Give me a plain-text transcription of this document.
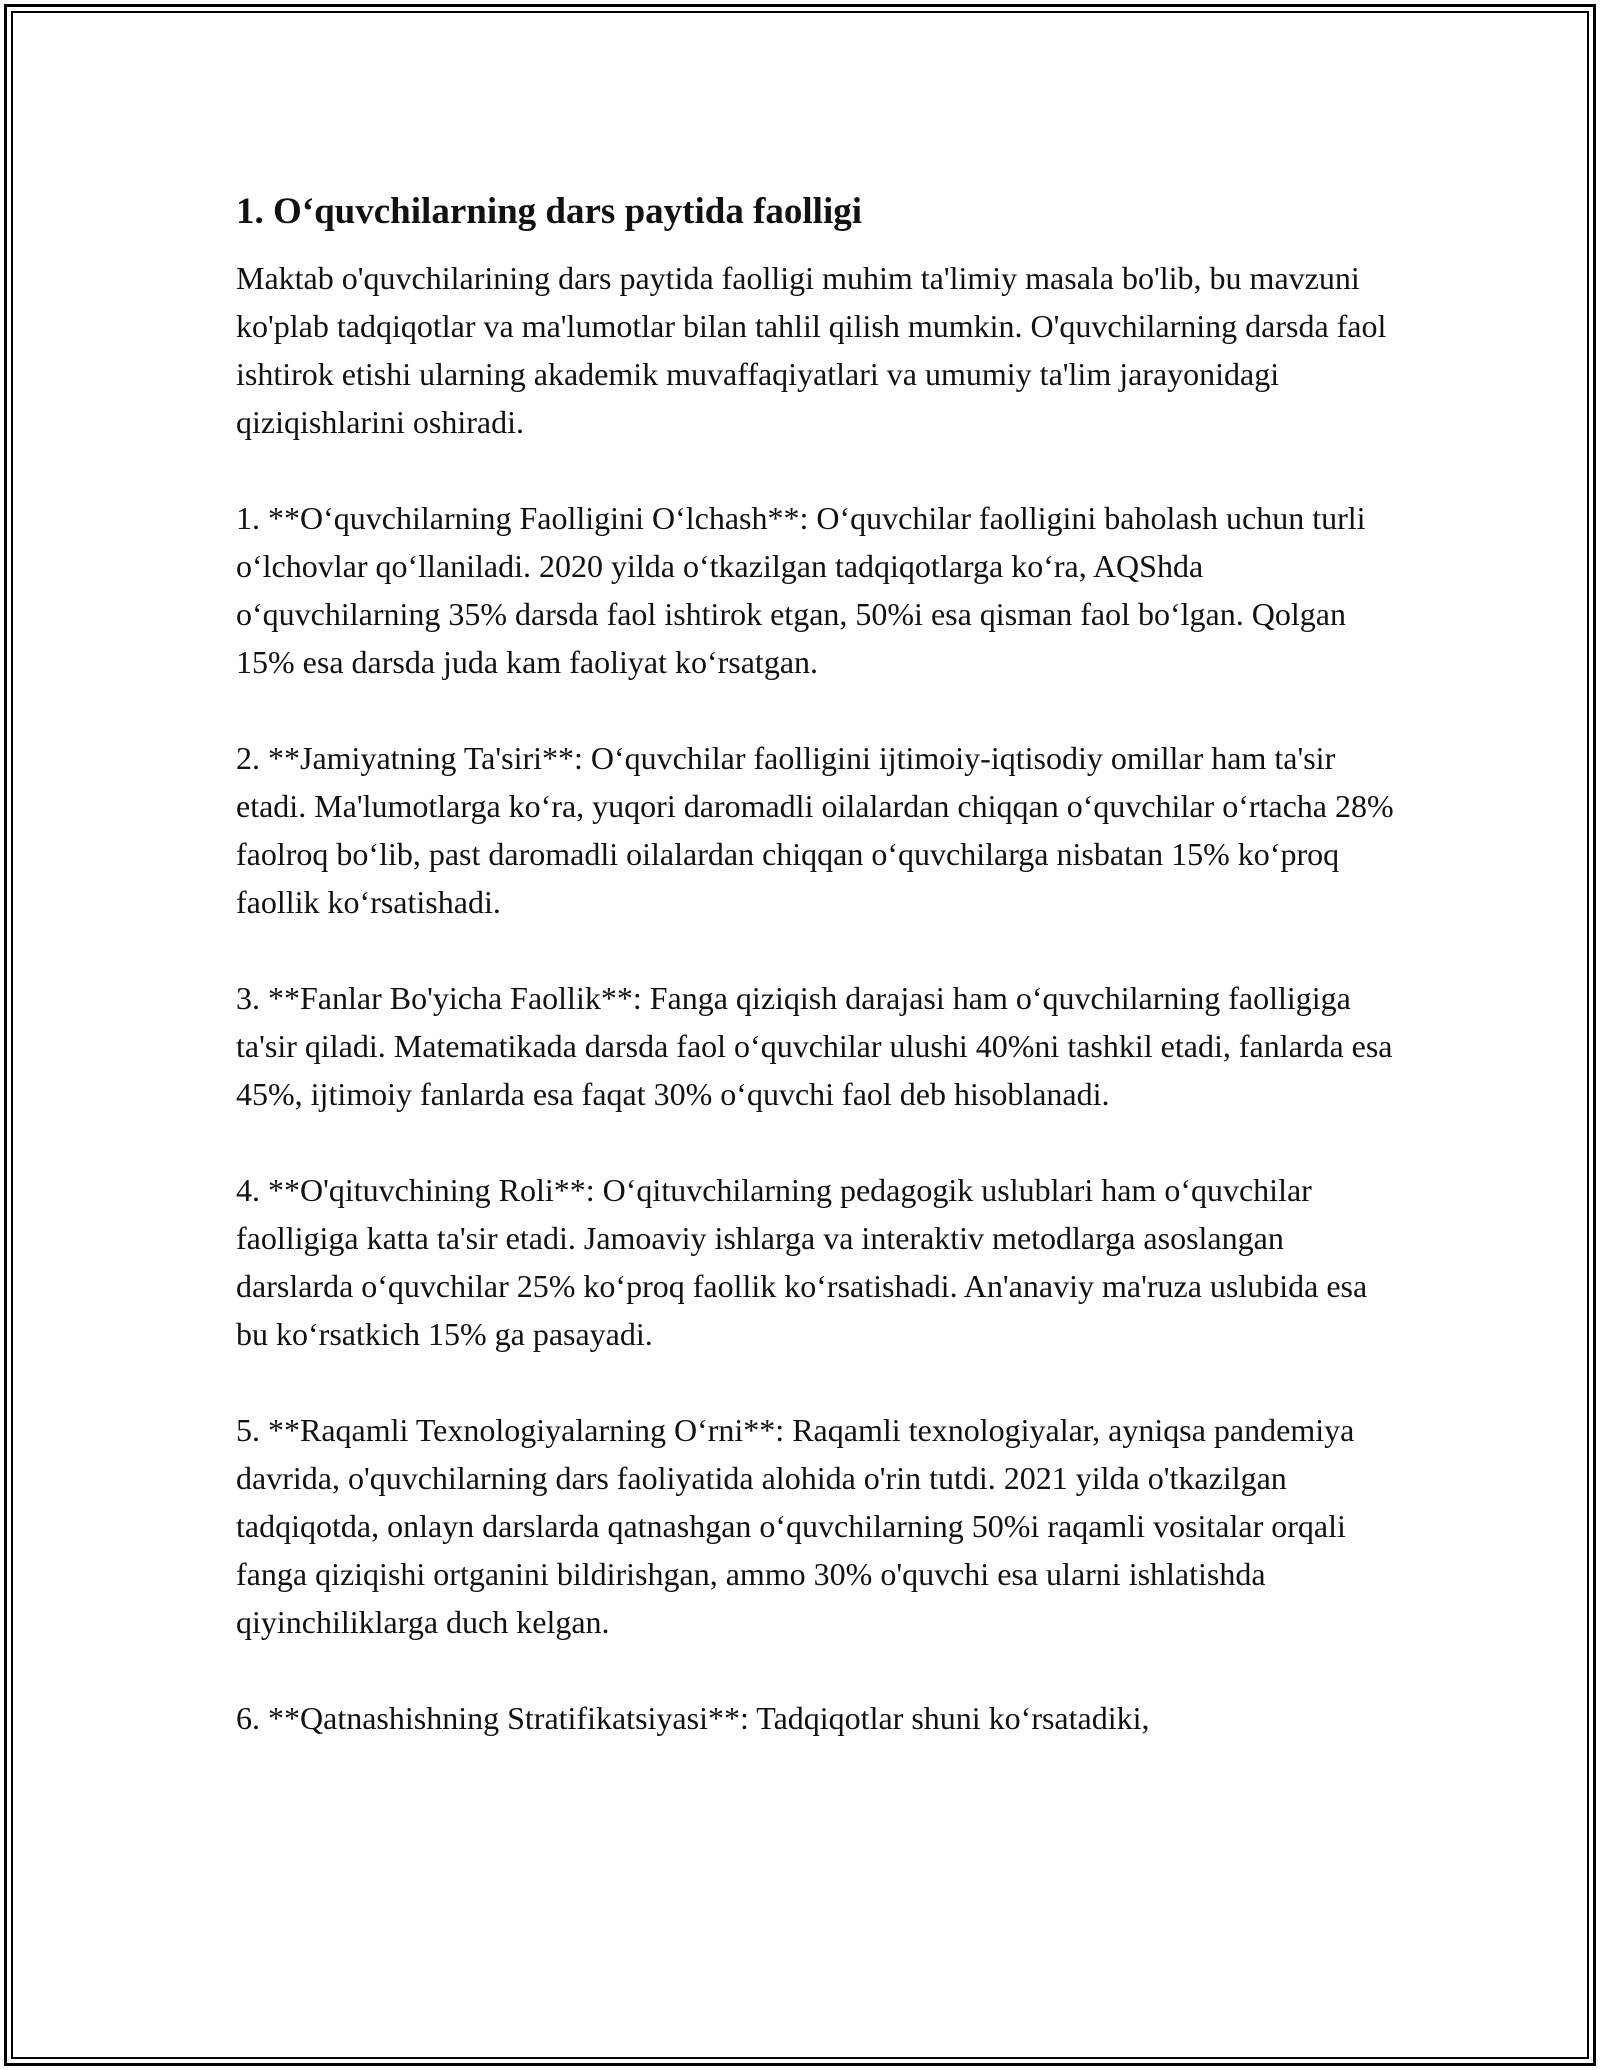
1. O‘quvchilarning dars paytida faolligi

Maktab o'quvchilarining dars paytida faolligi muhim ta'limiy masala bo'lib, bu mavzuni ko'plab tadqiqotlar va ma'lumotlar bilan tahlil qilish mumkin. O'quvchilarning darsda faol ishtirok etishi ularning akademik muvaffaqiyatlari va umumiy ta'lim jarayonidagi qiziqishlarini oshiradi.

1. **O‘quvchilarning Faolligini O‘lchash**: O‘quvchilar faolligini baholash uchun turli o‘lchovlar qo‘llaniladi. 2020 yilda o‘tkazilgan tadqiqotlarga ko‘ra, AQShda o‘quvchilarning 35% darsda faol ishtirok etgan, 50%i esa qisman faol bo‘lgan. Qolgan 15% esa darsda juda kam faoliyat ko‘rsatgan.

2. **Jamiyatning Ta'siri**: O‘quvchilar faolligini ijtimoiy-iqtisodiy omillar ham ta'sir etadi. Ma'lumotlarga ko‘ra, yuqori daromadli oilalardan chiqqan o‘quvchilar o‘rtacha 28% faolroq bo‘lib, past daromadli oilalardan chiqqan o‘quvchilarga nisbatan 15% ko‘proq faollik ko‘rsatishadi.

3. **Fanlar Bo'yicha Faollik**: Fanga qiziqish darajasi ham o‘quvchilarning faolligiga ta'sir qiladi. Matematikada darsda faol o‘quvchilar ulushi 40%ni tashkil etadi, fanlarda esa 45%, ijtimoiy fanlarda esa faqat 30% o‘quvchi faol deb hisoblanadi.

4. **O'qituvchining Roli**: O‘qituvchilarning pedagogik uslublari ham o‘quvchilar faolligiga katta ta'sir etadi. Jamoaviy ishlarga va interaktiv metodlarga asoslangan darslarda o‘quvchilar 25% ko‘proq faollik ko‘rsatishadi. An'anaviy ma'ruza uslubida esa bu ko‘rsatkich 15% ga pasayadi.

5. **Raqamli Texnologiyalarning O‘rni**: Raqamli texnologiyalar, ayniqsa pandemiya davrida, o'quvchilarning dars faoliyatida alohida o'rin tutdi. 2021 yilda o'tkazilgan tadqiqotda, onlayn darslarda qatnashgan o‘quvchilarning 50%i raqamli vositalar orqali fanga qiziqishi ortganini bildirishgan, ammo 30% o'quvchi esa ularni ishlatishda qiyinchiliklarga duch kelgan.

6. **Qatnashishning Stratifikatsiyasi**: Tadqiqotlar shuni ko‘rsatadiki,
